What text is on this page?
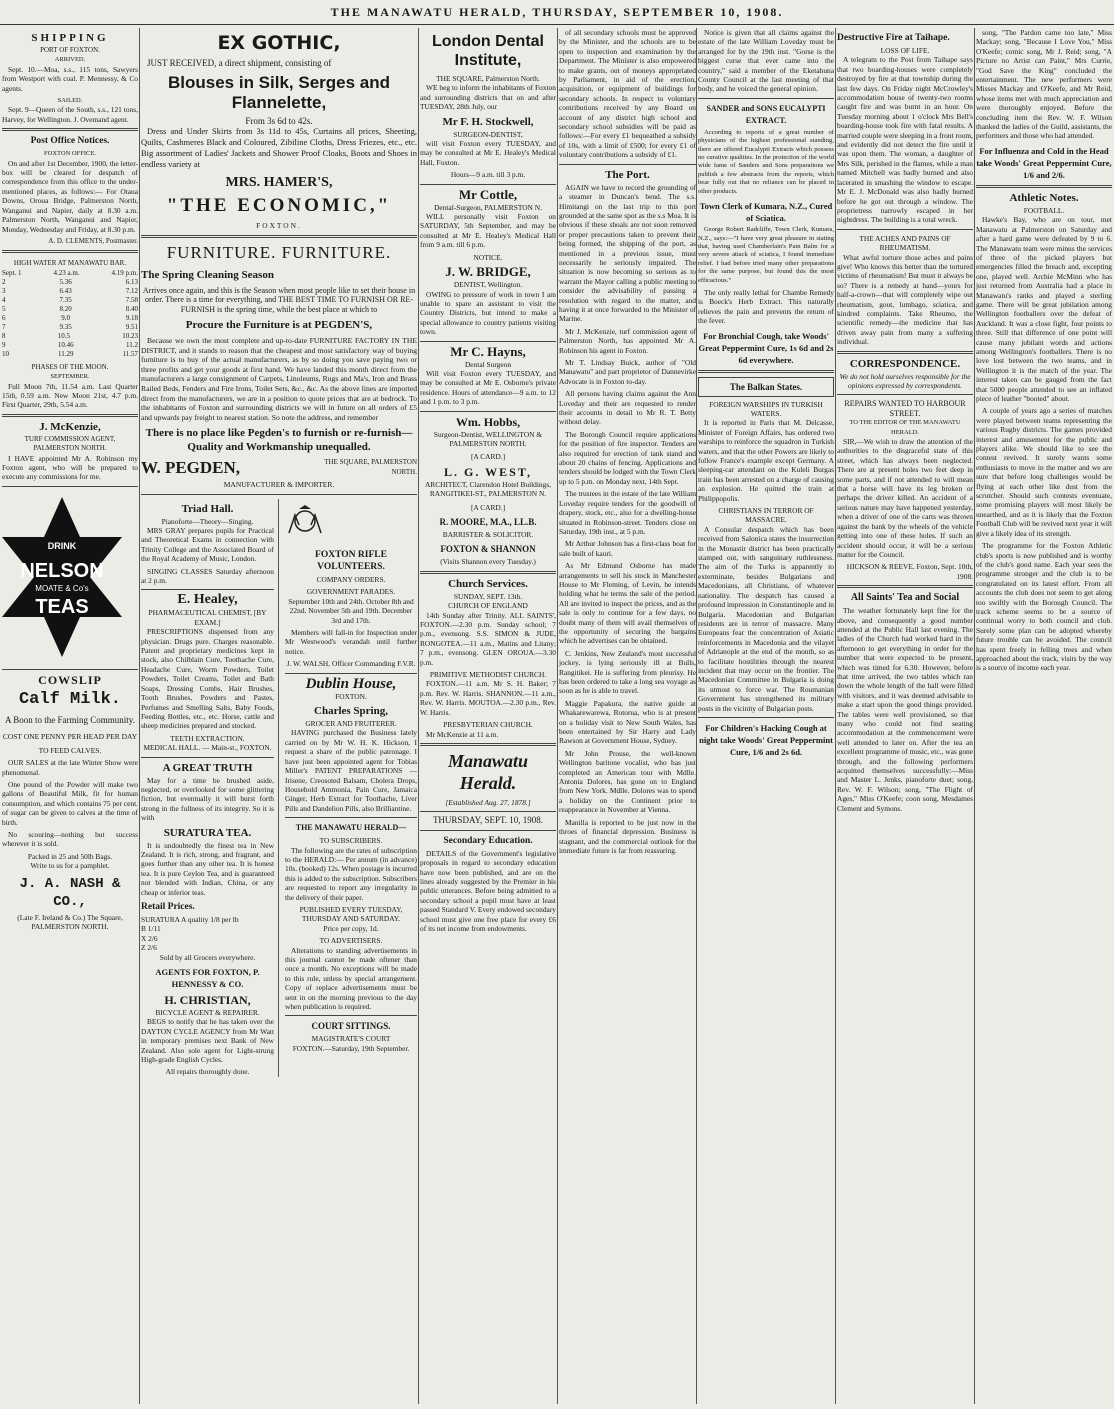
THE MANAWATU HERALD, THURSDAY, SEPTEMBER 10, 1908.
SHIPPING
PORT OF FOXTON.
ARRIVED.

Sept. 10.—Moa, s.s., 115 tons, Sawyers from Westport with coal. P. Mennessy, & Co agents.

SAILED.

Sept. 9—Queen of the South, s.s., 121 tons, Harvey, for Wellington. J. Ovemand agent.

Post Office Notices.
FOXTON OFFICE.

On and after 1st December, 1900, the letter-box will be cleared for despatch of correspondence from this office to the under-mentioned places, as follows:— For Otaua Downs, Oroua Bridge, Palmerston North, Wanganui and Napier, daily at 8.30 a.m. Palmerston North, Wanganui and Napier, Monday, Wednesday and Friday, at 8.30 p.m.

A. D. CLEMENTS, Postmaster.
HIGH WATER AT MANAWATU BAR.
Sept. 1	4.23 a.m.	4.19 p.m.
2	5.36	6.13
3	6.43	7.12
4	7.35	7.58
5	8.20	8.40
6	9.0	9.18
7	9.35	9.51
8	10.5	10.23
9	10.46	11.2
10	11.29	11.57
PHASES OF THE MOON.
SEPTEMBER.

Full Moon 7th, 11.54 a.m. Last Quarter 15th, 0.59 a.m. New Moon 21st, 4.7 p.m. First Quarter, 29th, 5.54 a.m.

J. McKenzie,
TURF COMMISSION AGENT, PALMERSTON NORTH.

I HAVE appointed Mr A. Robinson my Foxton agent, who will be prepared to execute any commissions for me.

DRINK
NELSON
MOATE & Co's
TEAS
COWSLIP
Calf Milk.
A Boon to the Farming Community.
COST ONE PENNY PER HEAD PER DAY TO FEED CALVES.

OUR SALES at the late Winter Show were phenomenal.

One pound of the Powder will make two gallons of Beautiful Milk, fit for human consumption, and which contains 75 per cent. of sugar can be given to calves at the time of birth.

No scouring—nothing but success wherever it is sold.

Packed in 25 and 50lb Bags.
Write to us for a pamphlet.
J. A. NASH & CO.,
(Late F. Ireland & Co.) The Square, PALMERSTON NORTH.
EX GOTHIC,

JUST RECEIVED, a direct shipment, consisting of

Blouses in Silk, Serges and Flannelette,
From 3s 6d to 42s.

Dress and Under Skirts from 3s 11d to 45s, Curtains all prices, Sheeting, Quilts, Cashmeres Black and Coloured, Zibiline Cloths, Dress Friezes, etc., etc. Big assortment of Ladies' Jackets and Shower Proof Cloaks, Boots and Shoes in endless variety at

MRS. HAMER'S,
"THE ECONOMIC,"
FOXTON.
FURNITURE. FURNITURE.
The Spring Cleaning Season

Arrives once again, and this is the Season when most people like to set their house in order. There is a time for everything, and THE BEST TIME TO FURNISH OR RE-FURNISH is the spring time, while the best place at which to

Procure the Furniture is at PEGDEN'S,

Because we own the most complete and up-to-date FURNITURE FACTORY IN THE DISTRICT, and it stands to reason that the cheapest and most satisfactory way of buying furniture is to buy of the actual manufacturers, as by so doing you save paying two or three profits and get your goods at first hand. We have landed this month direct from the manufacturers a large consignment of Carpets, Linoleums, Rugs and Ma's, Iron and Brass Railed Beds, Fenders and Fire Irons, Toilet Sets, &c., &c. As the above lines are imported direct from the manufacturers, we are in a position to quote prices that are at bedrock. To the inhabitants of Foxton and surrounding districts we will in future on all orders of £5 and upwards pay freight to nearest station. So note the address, and remember

There is no place like Pegden's to furnish or re-furnish—Quality and Workmanship unequalled.
W. PEGDEN,	THE SQUARE, PALMERSTON NORTH.
MANUFACTURER & IMPORTER.
Triad Hall.
Pianoforte—Theory—Singing.

MRS GRAY prepares pupils for Practical and Theoretical Exams in connection with Trinity College and the Associated Board of the Royal Academy of Music, London.

SINGING CLASSES Saturday afternoon at 2 p.m.

E. Healey,
PHARMACEUTICAL CHEMIST, [BY EXAM.]

PRESCRIPTIONS dispensed from any physician. Drugs pure. Charges reasonable. Patent and proprietary medicines kept in stock, also Chilblain Cure, Toothache Cure, Headache Cure, Worm Powders, Toilet Powders, Toilet Creams, Toilet and Bath Soaps, Dressing Combs, Hair Brushes, Tooth Brushes, Powders and Pastes, Perfumes and Smelling Salts, Baby Foods, Feeding Bottles, etc., etc. Horse, cattle and sheep medicines prepared and stocked.

TEETH EXTRACTION.
MEDICAL HALL. — Main-st., FOXTON.
A GREAT TRUTH

May for a time be brushed aside, neglected, or overlooked for some glittering fiction, but eventually it will burst forth strong in the fullness of its integrity. So it is with

SURATURA TEA.

It is undoubtedly the finest tea in New Zealand. It is rich, strong, and fragrant, and goes further than any other tea. It is honest tea. It is pure Ceylon Tea, and is guaranteed not blended with Indian, China, or any cheap or inferior teas.

Retail Prices.
SURATURA A quality 1/8 per lb
B 1/11
X 2/6
Z 2/6
Sold by all Grocers everywhere.
AGENTS FOR FOXTON, P. HENNESSY & CO.
H. CHRISTIAN,
BICYCLE AGENT & REPAIRER.

BEGS to notify that he has taken over the DAYTON CYCLE AGENCY from Mr Watt in temporary premises next Bank of New Zealand. Also sole agent for Light-strung High-grade English Cycles.

All repairs thoroughly done.
FOXTON RIFLE VOLUNTEERS.
COMPANY ORDERS.
GOVERNMENT PARADES.

September 10th and 24th. October 8th and 22nd. November 5th and 19th. December 3rd and 17th.

Members will fall-in for Inspection under Mr Westwood's verandah until further notice.

J. W. WALSH, Officer Commanding F.V.R.
Dublin House,
FOXTON.
Charles Spring,
GROCER AND FRUITERER.

HAVING purchased the Business lately carried on by Mr W. H. K. Hickson, I request a share of the public patronage. I have just been appointed agent for Tobias Miller's PATENT PREPARATIONS — Irisene, Creosoted Balsam, Cholera Drops, Household Ammonia, Pain Cure, Jamaica Ginger, Herb Extract for Toothache, Liver Pills and Dandelion Pills, also Brilliantine.

THE MANAWATU HERALD—
TO SUBSCRIBERS.

The following are the rates of subscription to the HERALD:— Per annum (in advance) 10s. (booked) 12s. When postage is incurred this is added to the subscription. Subscribers are requested to report any irregularity in the delivery of their paper.

PUBLISHED EVERY TUESDAY, THURSDAY AND SATURDAY.
Price per copy, 1d.
TO ADVERTISERS.

Alterations to standing advertisements in this journal cannot be made oftener than once a month. No exceptions will be made to this rule, unless by special arrangement. Copy of replace advertisements must be sent in on the morning previous to the day when publication is required.

COURT SITTINGS.
MAGISTRATE'S COURT
FOXTON.—Saturday, 19th September.
London Dental Institute,
THE SQUARE, Palmerston North.

WE beg to inform the inhabitants of Foxton and surrounding districts that on and after TUESDAY, 28th July, our

Mr F. H. Stockwell,
SURGEON-DENTIST,

will visit Foxton every TUESDAY, and may be consulted at Mr E. Healey's Medical Hall, Foxton.

Hours—9 a.m. till 3 p.m.
Mr Cottle,
Dental-Surgeon, PALMERSTON N.

WILL personally visit Foxton on SATURDAY, 5th September, and may be consulted at Mr E. Healey's Medical Hall from 9 a.m. till 6 p.m.

NOTICE.
J. W. BRIDGE,
DENTIST, Wellington.

OWING to pressure of work in town I am unable to spare an assistant to visit the Country Districts, but intend to make a special allowance to country patients visiting town.

Mr C. Hayns,
Dental Surgeon

Will visit Foxton every TUESDAY, and may be consulted at Mr E. Osborne's private residence. Hours of attendance—9 a.m. to 12 and 1 p.m. to 3 p.m.

Wm. Hobbs,
Surgeon-Dentist, WELLINGTON & PALMERSTON NORTH.
[A CARD.]
L. G. WEST,
ARCHITECT, Clarendon Hotel Buildings, RANGITIKEI-ST., PALMERSTON N.
[A CARD.]
R. MOORE, M.A., LL.B.
BARRISTER & SOLICITOR.
FOXTON & SHANNON
(Visits Shannon every Tuesday.)
Church Services.
SUNDAY, SEPT. 13th.
CHURCH OF ENGLAND

14th Sunday after Trinity. ALL SAINTS', FOXTON.—2.30 p.m. Sunday school; 7 p.m., evensong. S.S. SIMON & JUDE, RONGOTEA.—11 a.m., Matins and Litany; 7 p.m., evensong. GLEN OROUA.—3.30 p.m.

PRIMITIVE METHODIST CHURCH.

FOXTON.—11 a.m. Mr S. H. Baker; 7 p.m. Rev. W. Harris. SHANNON.—11 a.m., Rev. W. Harris. MOUTOA.—2.30 p.m., Rev. W. Harris.

PRESBYTERIAN CHURCH.

Mr McKenzie at 11 a.m.

Manawatu Herald.
[Established Aug. 27, 1878.]
THURSDAY, SEPT. 10, 1908.
Secondary Education.

DETAILS of the Government's legislative proposals in regard to secondary education have now been published, and are on the lines already suggested by the Premier in his public utterances. Before being admitted to a secondary school a pupil must have at least passed Standard V. Every endowed secondary school must give one free place for every £6 of its net income from endowments.

of all secondary schools must be approved by the Minister, and the schools are to be open to inspection and examination by the Department. The Minister is also empowered to make grants, out of moneys appropriated by Parliament, in aid of the erection, acquisition, or equipment of buildings for secondary schools. In respect to voluntary contributions received by any Board on account of any district high school and secondary school subsidies will be paid as follows:—For every £1 bequeathed a subsidy of 10s, with a limit of £500; for every £1 of voluntary contributions a subsidy of £1.

The Port.

AGAIN we have to record the grounding of a steamer in Duncan's bend. The s.s. Himitangi on the last trip to this port grounded at the same spot as the s.s Moa. It is obvious if these shoals are not soon removed or proper precautions taken to prevent their being formed, the shipping of the port, as mentioned in a previous issue, must necessarily be seriously impaired. The situation is now becoming so serious as to warrant the Mayor calling a public meeting to consider the advisability of passing a resolution with regard to the matter, and having it at once forwarded to the Minister of Marine.

Mr J. McKenzie, turf commission agent of Palmerston North, has appointed Mr A. Robinson his agent in Foxton.

Mr T. Lindsay Buick, author of "Old Manawatu" and part proprietor of Dannevirke Advocate is in Foxton to-day.

All persons having claims against the Ann Loveday and their are requested to render their accounts in detail to Mr R. T. Betty without delay.

The Borough Council require applications for the position of fire inspector. Tenders are also required for erection of tank stand and about 20 chains of fencing. Applications and tenders should be lodged with the Town Clerk up to 5 p.m. on Monday next, 14th Sept.

The trustees in the estate of the late William Loveday require tenders for the goodwill of drapery, stock, etc., also for a dwelling-house situated in Robinson-street. Tenders close on Saturday, 19th inst., at 5 p.m.

Mr Arthur Johnson has a first-class boat for sale built of kauri.

As Mr Edmund Osborne has made arrangements to sell his stock in Manchester House to Mr Fleming, of Levin, he intends holding what he terms the sale of the period. All are invited to inspect the prices, and as the sale is only to continue for a few days, no doubt many of them will avail themselves of the opportunity of securing the bargains which he advertises can be obtained.

C. Jenkins, New Zealand's most successful jockey, is lying seriously ill at Bulls, Rangitikei. He is suffering from pleurisy. He has been ordered to take a long sea voyage as soon as he is able to travel.

Maggie Papakura, the native guide at Whakarewarewa, Rotorua, who is at present on a holiday visit to New South Wales, has been entertained by Sir Harry and Lady Rawson at Government House, Sydney.

Mr John Prouse, the well-known Wellington baritone vocalist, who has just completed an American tour with Mdlle. Antonia Dolores, has gone on to England from New York. Mdlle. Dolores was to spend a holiday on the Continent prior to reappearance in November at Vienna.

Manilla is reported to be just now in the throes of financial depression. Business is stagnant, and the commercial outlook for the immediate future is far from reassuring.

Notice is given that all claims against the estate of the late William Loveday must be arranged for by the 19th inst. "Gorse is the biggest curse that ever came into the country," said a member of the Eketahuna County Council at the last meeting of that body, and he voiced the general opinion.

SANDER and SONS EUCALYPTI EXTRACT.

According to reports of a great number of physicians of the highest professional standing, there are offered Eucalypti Extracts which possess no curative qualities. In the protection of the world wide fame of Sanders and Sons preparations we publish a few abstracts from the reports, which bear fully out that no reliance can be placed in other products.

Town Clerk of Kumara, N.Z., Cured of Sciatica.

George Robert Radcliffe, Town Clerk, Kumara, N.Z., says:—"I have very great pleasure in stating that, having used Chamberlain's Pain Balm for a very severe attack of sciatica, I found immediate relief. I had before tried many other preparations for the same purpose, but found this the most efficacious."

The only really lethal for Chambe Remedy is Boeck's Herb Extract. This naturally relieves the pain and prevents the return of the fever.

For Bronchial Cough, take Woods' Great Peppermint Cure, 1s 6d and 2s 6d everywhere.
The Balkan States.
FOREIGN WARSHIPS IN TURKISH WATERS.

It is reported in Paris that M. Delcasse, Minister of Foreign Affairs, has ordered two warships to reinforce the squadron in Turkish waters, and that the other Powers are likely to follow France's example except Germany. A sleeping-car attendant on the Kuleli Burgas train has been arrested on a charge of causing an explosion. He quitted the train at Philippopolis.

CHRISTIANS IN TERROR OF MASSACRE.

A Consular despatch which has been received from Salonica states the insurrection in the Monastir district has been practically stamped out, with sanguinary ruthlessness. The aim of the Turks is apparently to exterminate, besides Bulgarians and Macedonians, all Christians, of whatever nationality. The despatch has caused a profound impression in Constantinople and in Bulgaria. Macedonian and Bulgarian residents are in terror of massacre. Many Europeans fear the concentration of Asiatic reinforcements in Macedonia and the vilayet of Adrianople at the end of the month, so as to facilitate hostilities through the nearest incident that may occur on the frontier. The Macedonian Committee in Bulgaria is doing its utmost to force war. The Roumanian Government has strengthened its military posts in the vicinity of Bulgarian posts.

For Children's Hacking Cough at night take Woods' Great Peppermint Cure, 1/6 and 2s 6d.
Destructive Fire at Taihape.
LOSS OF LIFE.

A telegram to the Post from Taihape says that two boarding-houses were completely destroyed by fire at that township during the last few days. On Friday night McCrowley's accommodation house of twenty-two rooms caught fire and was burnt in an hour. On Tuesday morning about 1 o'clock Mrs Bell's boarding-house took fire with fatal results. A married couple were sleeping in a front room, and evidently did not detect the fire until it was upon them. The woman, a daughter of Mrs Silk, perished in the flames, while a man named Mitchell was badly burned and also lacerated in smashing the window to escape. Mr E. J. McDonald was also badly burned before he got out through a window. The proprietress narrowly escaped in her nightdress. The building is a total wreck.

THE ACHES AND PAINS OF RHEUMATISM.

What awful torture those aches and pains give! Who knows this better than the tortured victims of rheumatism! But must it always be so? There is a remedy at hand—yours for half-a-crown—that will completely wipe out rheumatism, gout, lumbago, sciatica, and kindred complaints. Take Rheumo, the scientific remedy—the medicine that has driven away pain from many a suffering individual.

CORRESPONDENCE.
We do not hold ourselves responsible for the opinions expressed by correspondents.
REPAIRS WANTED TO HARBOUR STREET.
TO THE EDITOR OF THE MANAWATU HERALD.

SIR,—We wish to draw the attention of the authorities to the disgraceful state of this street, which has always been neglected. There are at present holes two feet deep in some parts, and if not attended to will mean that a horse will have its leg broken or perhaps the driver killed. An accident of a serious nature may have happened yesterday, when a driver of one of the carts was thrown against the bank by the wheels of the vehicle getting into one of these holes. If such an accident should occur, it will be a serious matter for the Council.

HICKSON & REEVE. Foxton, Sept. 10th, 1908.
All Saints' Tea and Social

The weather fortunately kept fine for the above, and consequently a good number attended at the Public Hall last evening. The ladies of the Church had worked hard in the afternoon to get everything in order for the number that were expected to be present, which was timed for 6.30. However, before that time arrived, the two tables which ran down the whole length of the hall were filled with visitors, and it was deemed advisable to make a start upon the good things provided. The tables were well provisioned, so that many who could not find seating accommodation at the commencement were well attended to later on. After the tea an excellent programme of music, etc., was gone through, and the following performers acquitted themselves successfully:—Miss and Master L. Jenks, pianoforte duet; song, Rev. W. F. Wilson; song, "The Flight of Ages," Miss O'Keefe; coon song, Mesdames Clement and Symons.

song, "The Pardon came too late," Miss Mackay; song, "Because I Love You," Miss O'Keefe; comic song, Mr J. Reid; song, "A Picture no Artist can Paint," Mrs Currie, "God Save the King" concluded the entertainment. The new performers were Misses Mackay and O'Keefe, and Mr Reid, whose items met with much appreciation and were thoroughly enjoyed. Before the concluding item the Rev. W. F. Wilson thanked the ladies of the Guild, assistants, the performers and those who had attended.

For Influenza and Cold in the Head take Woods' Great Peppermint Cure, 1/6 and 2/6.
Athletic Notes.
FOOTBALL.

Hawke's Bay, who are on tour, met Manawatu at Palmerston on Saturday and after a hard game were defeated by 9 to 6. The Manawatu team were minus the services of three of the picked players but emergencies filled the breach and, excepting one, played well. Archie McMinn who has just returned from Australia had a place in Manawatu's ranks and played a sterling game. There will be great jubilation among Wellington footballers over the defeat of Auckland. It was a close fight, four points to three. Still that difference of one point will cause many jubilant words and actions among Wellington's footballers. There is no love lost between the two teams, and in Wellington it is the match of the year. The interest taken can be gauged from the fact that 5000 people attended to see an inflated piece of leather "booted" about.

A couple of years ago a series of matches were played between teams representing the various Rugby districts. The games provided interest and amusement for the public and players alike. We should like to see the contest revived. It surely wants some enthusiasts to move in the matter and we are sure that before long challenges would be flying at each other like dust from the scrutcher. Should such contests eventuate, some promising players will most likely be unearthed, and as it is likely that the Foxton Football Club will be revived next year it will give a likely idea of its strength.

The programme for the Foxton Athletic club's sports is now published and is worthy of the club's good name. Each year sees the programme stronger and the club is to be congratulated on its latest effort. From all accounts the club does not seem to get along too swiftly with the Borough Council. The track scheme seems to be a source of continual worry to both council and club. Surely some plan can be adopted whereby future trouble can be avoided. The council has spent freely in felling trees and when approached about the track, visits by the way is a source of income each year.
